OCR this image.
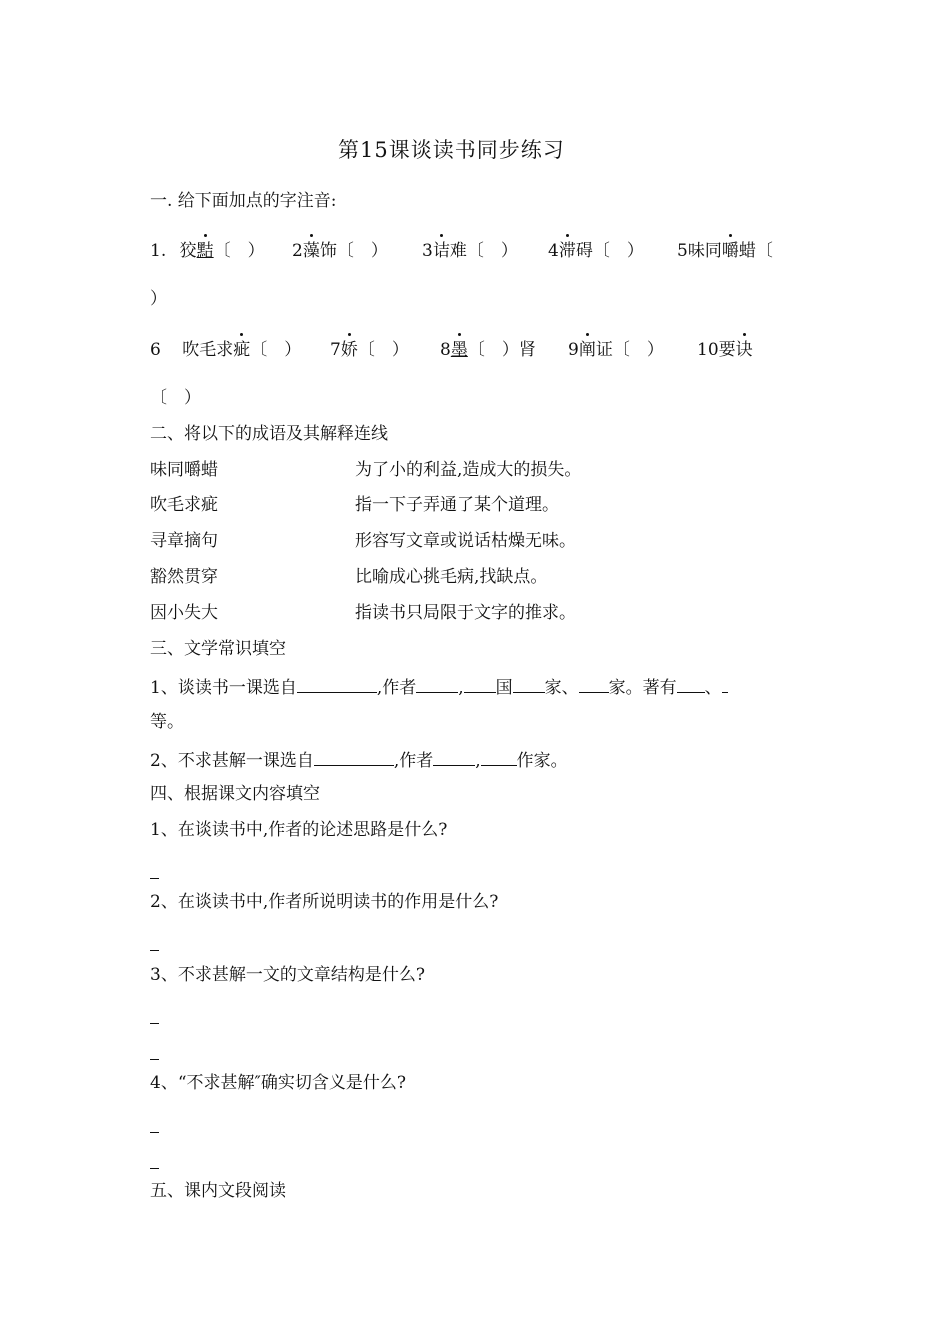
第15课谈读书同步练习
一. 给下面加点的字注音:
1. 狡黠〔　） 2藻饰〔　） 3诘难〔　） 4滞碍〔　） 5味同嚼蜡〔
）
6 吹毛求疵〔　） 7娇〔　） 8墨〔　）肾 9阐证〔　） 10要诀
〔　）
二、将以下的成语及其解释连线
味同嚼蜡	为了小的利益,造成大的损失。
吹毛求疵	指一下子弄通了某个道理。
寻章摘句	形容写文章或说话枯燥无味。
豁然贯穿	比喻成心挑毛病,找缺点。
因小失大	指读书只局限于文字的推求。
三、文学常识填空
1、谈读书一课选自	,作者 , 国 家、 家。著有 、
等。
2、不求甚解一课选自	,作者 , 作家。
四、根据课文内容填空
1、在谈读书中,作者的论述思路是什么?
2、在谈读书中,作者所说明读书的作用是什么?
3、不求甚解一文的文章结构是什么?
4、“不求甚解″确实切含义是什么?
五、课内文段阅读
